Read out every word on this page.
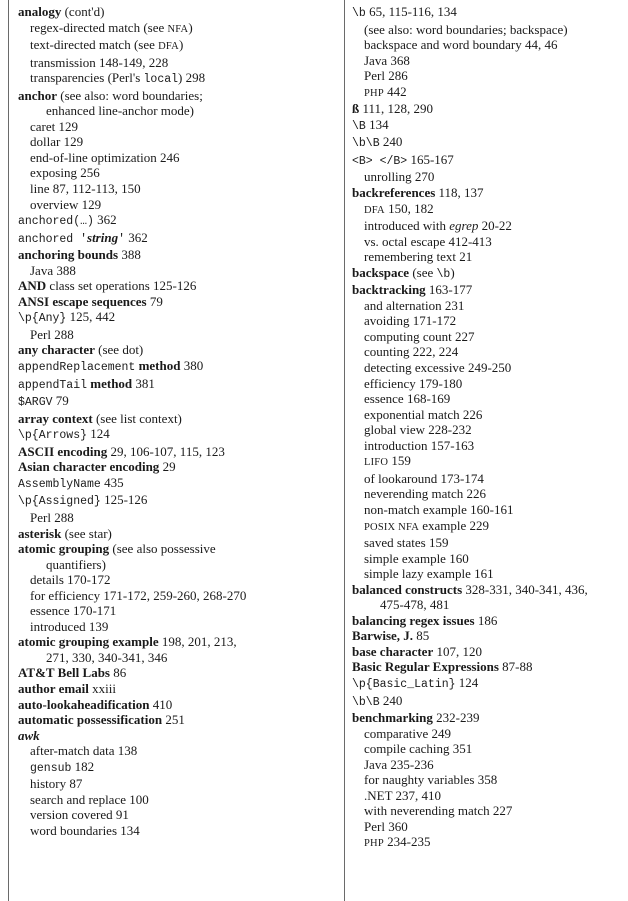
analogy (cont'd)
regex-directed match (see NFA)
text-directed match (see DFA)
transmission 148-149, 228
transparencies (Perl's local) 298
anchor (see also: word boundaries;
enhanced line-anchor mode)
caret 129
dollar 129
end-of-line optimization 246
exposing 256
line 87, 112-113, 150
overview 129
anchored(…) 362
anchored 'string' 362
anchoring bounds 388
Java 388
AND class set operations 125-126
ANSI escape sequences 79
\p{Any} 125, 442
Perl 288
any character (see dot)
appendReplacement method 380
appendTail method 381
$ARGV 79
array context (see list context)
\p{Arrows} 124
ASCII encoding 29, 106-107, 115, 123
Asian character encoding 29
AssemblyName 435
\p{Assigned} 125-126
Perl 288
asterisk (see star)
atomic grouping (see also possessive
quantifiers)
details 170-172
for efficiency 171-172, 259-260, 268-270
essence 170-171
introduced 139
atomic grouping example 198, 201, 213,
271, 330, 340-341, 346
AT&T Bell Labs 86
author email xxiii
auto-lookaheadification 410
automatic possessification 251
awk
after-match data 138
gensub 182
history 87
search and replace 100
version covered 91
word boundaries 134
\b 65, 115-116, 134
(see also: word boundaries; backspace)
backspace and word boundary 44, 46
Java 368
Perl 286
PHP 442
ß 111, 128, 290
\B 134
\b\B 240
<B> </B> 165-167
unrolling 270
backreferences 118, 137
DFA 150, 182
introduced with egrep 20-22
vs. octal escape 412-413
remembering text 21
backspace (see \b)
backtracking 163-177
and alternation 231
avoiding 171-172
computing count 227
counting 222, 224
detecting excessive 249-250
efficiency 179-180
essence 168-169
exponential match 226
global view 228-232
introduction 157-163
LIFO 159
of lookaround 173-174
neverending match 226
non-match example 160-161
POSIX NFA example 229
saved states 159
simple example 160
simple lazy example 161
balanced constructs 328-331, 340-341, 436,
475-478, 481
balancing regex issues 186
Barwise, J. 85
base character 107, 120
Basic Regular Expressions 87-88
\p{Basic_Latin} 124
\b\B 240
benchmarking 232-239
comparative 249
compile caching 351
Java 235-236
for naughty variables 358
.NET 237, 410
with neverending match 227
Perl 360
PHP 234-235
